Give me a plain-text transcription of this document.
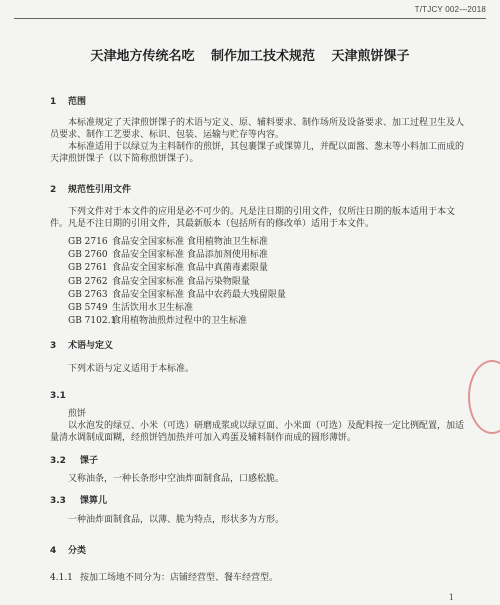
T/TJCY 002—2018
天津地方传统名吃 制作加工技术规范 天津煎饼馃子
1 范围
本标准规定了天津煎饼馃子的术语与定义、原、辅料要求、制作场所及设备要求、加工过程卫生及人员要求、制作工艺要求、标识、包装、运输与贮存等内容。
本标准适用于以绿豆为主料制作的煎饼，其包裹馃子或馃箅儿，并配以面酱、葱末等小料加工而成的天津煎饼馃子（以下简称煎饼馃子）。
2 规范性引用文件
下列文件对于本文件的应用是必不可少的。凡是注日期的引用文件，仅所注日期的版本适用于本文件。凡是不注日期的引用文件，其最新版本（包括所有的修改单）适用于本文件。
GB 2716 食品安全国家标准 食用植物油卫生标准
GB 2760 食品安全国家标准 食品添加剂使用标准
GB 2761 食品安全国家标准 食品中真菌毒素限量
GB 2762 食品安全国家标准 食品污染物限量
GB 2763 食品安全国家标准 食品中农药最大残留限量
GB 5749 生活饮用水卫生标准
GB 7102.1食用植物油煎炸过程中的卫生标准
3 术语与定义
下列术语与定义适用于本标准。
3.1
煎饼
以水泡发的绿豆、小米（可选）研磨成浆或以绿豆面、小米面（可选）及配料按一定比例配置，加适量清水调制成面糊，经煎饼铛加热并可加入鸡蛋及辅料制作而成的圆形薄饼。
3.2 馃子
又称油条，一种长条形中空油炸面制食品，口感松脆。
3.3 馃箅儿
一种油炸面制食品，以薄、脆为特点，形状多为方形。
4 分类
4.1.1 按加工场地不同分为：店铺经营型、餐车经营型。
1
